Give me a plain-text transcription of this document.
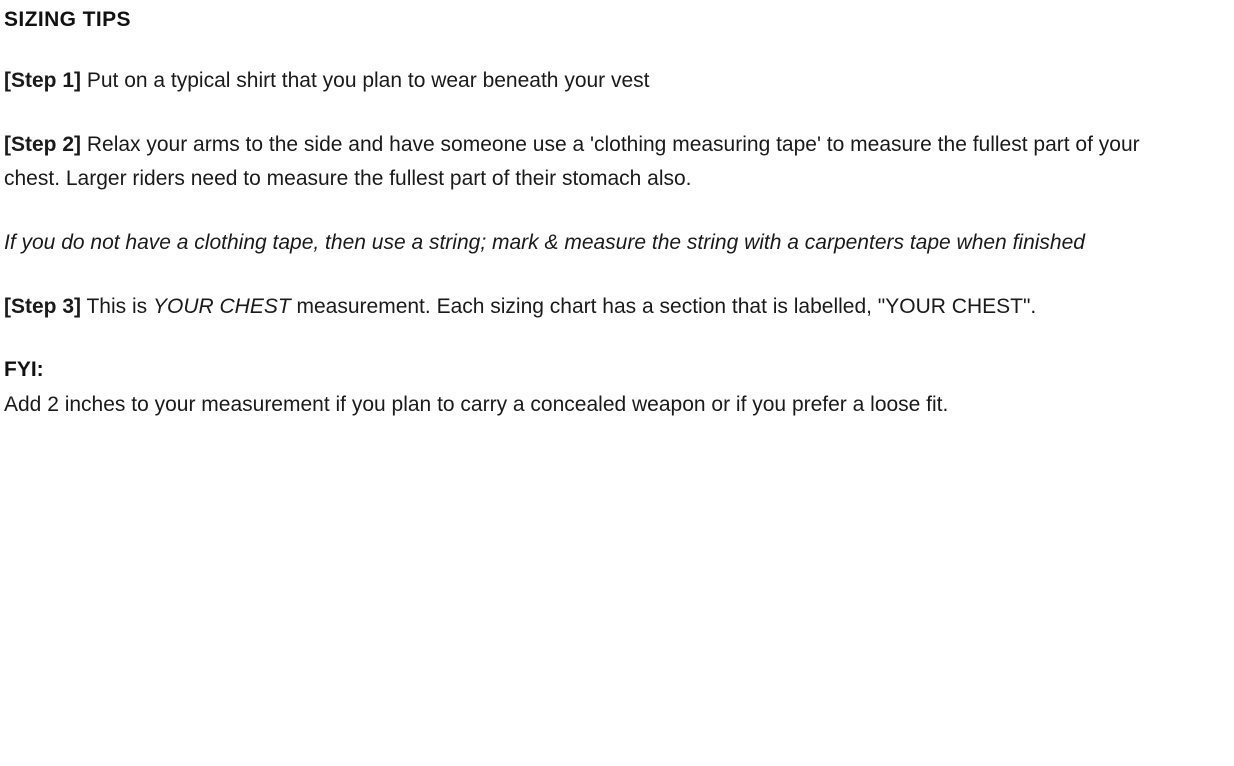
SIZING TIPS

[Step 1] Put on a typical shirt that you plan to wear beneath your vest

[Step 2] Relax your arms to the side and have someone use a 'clothing measuring tape' to measure the fullest part of your chest. Larger riders need to measure the fullest part of their stomach also.

If you do not have a clothing tape, then use a string; mark & measure the string with a carpenters tape when finished

[Step 3] This is YOUR CHEST measurement. Each sizing chart has a section that is labelled, "YOUR CHEST".

FYI:

Add 2 inches to your measurement if you plan to carry a concealed weapon or if you prefer a loose fit.
